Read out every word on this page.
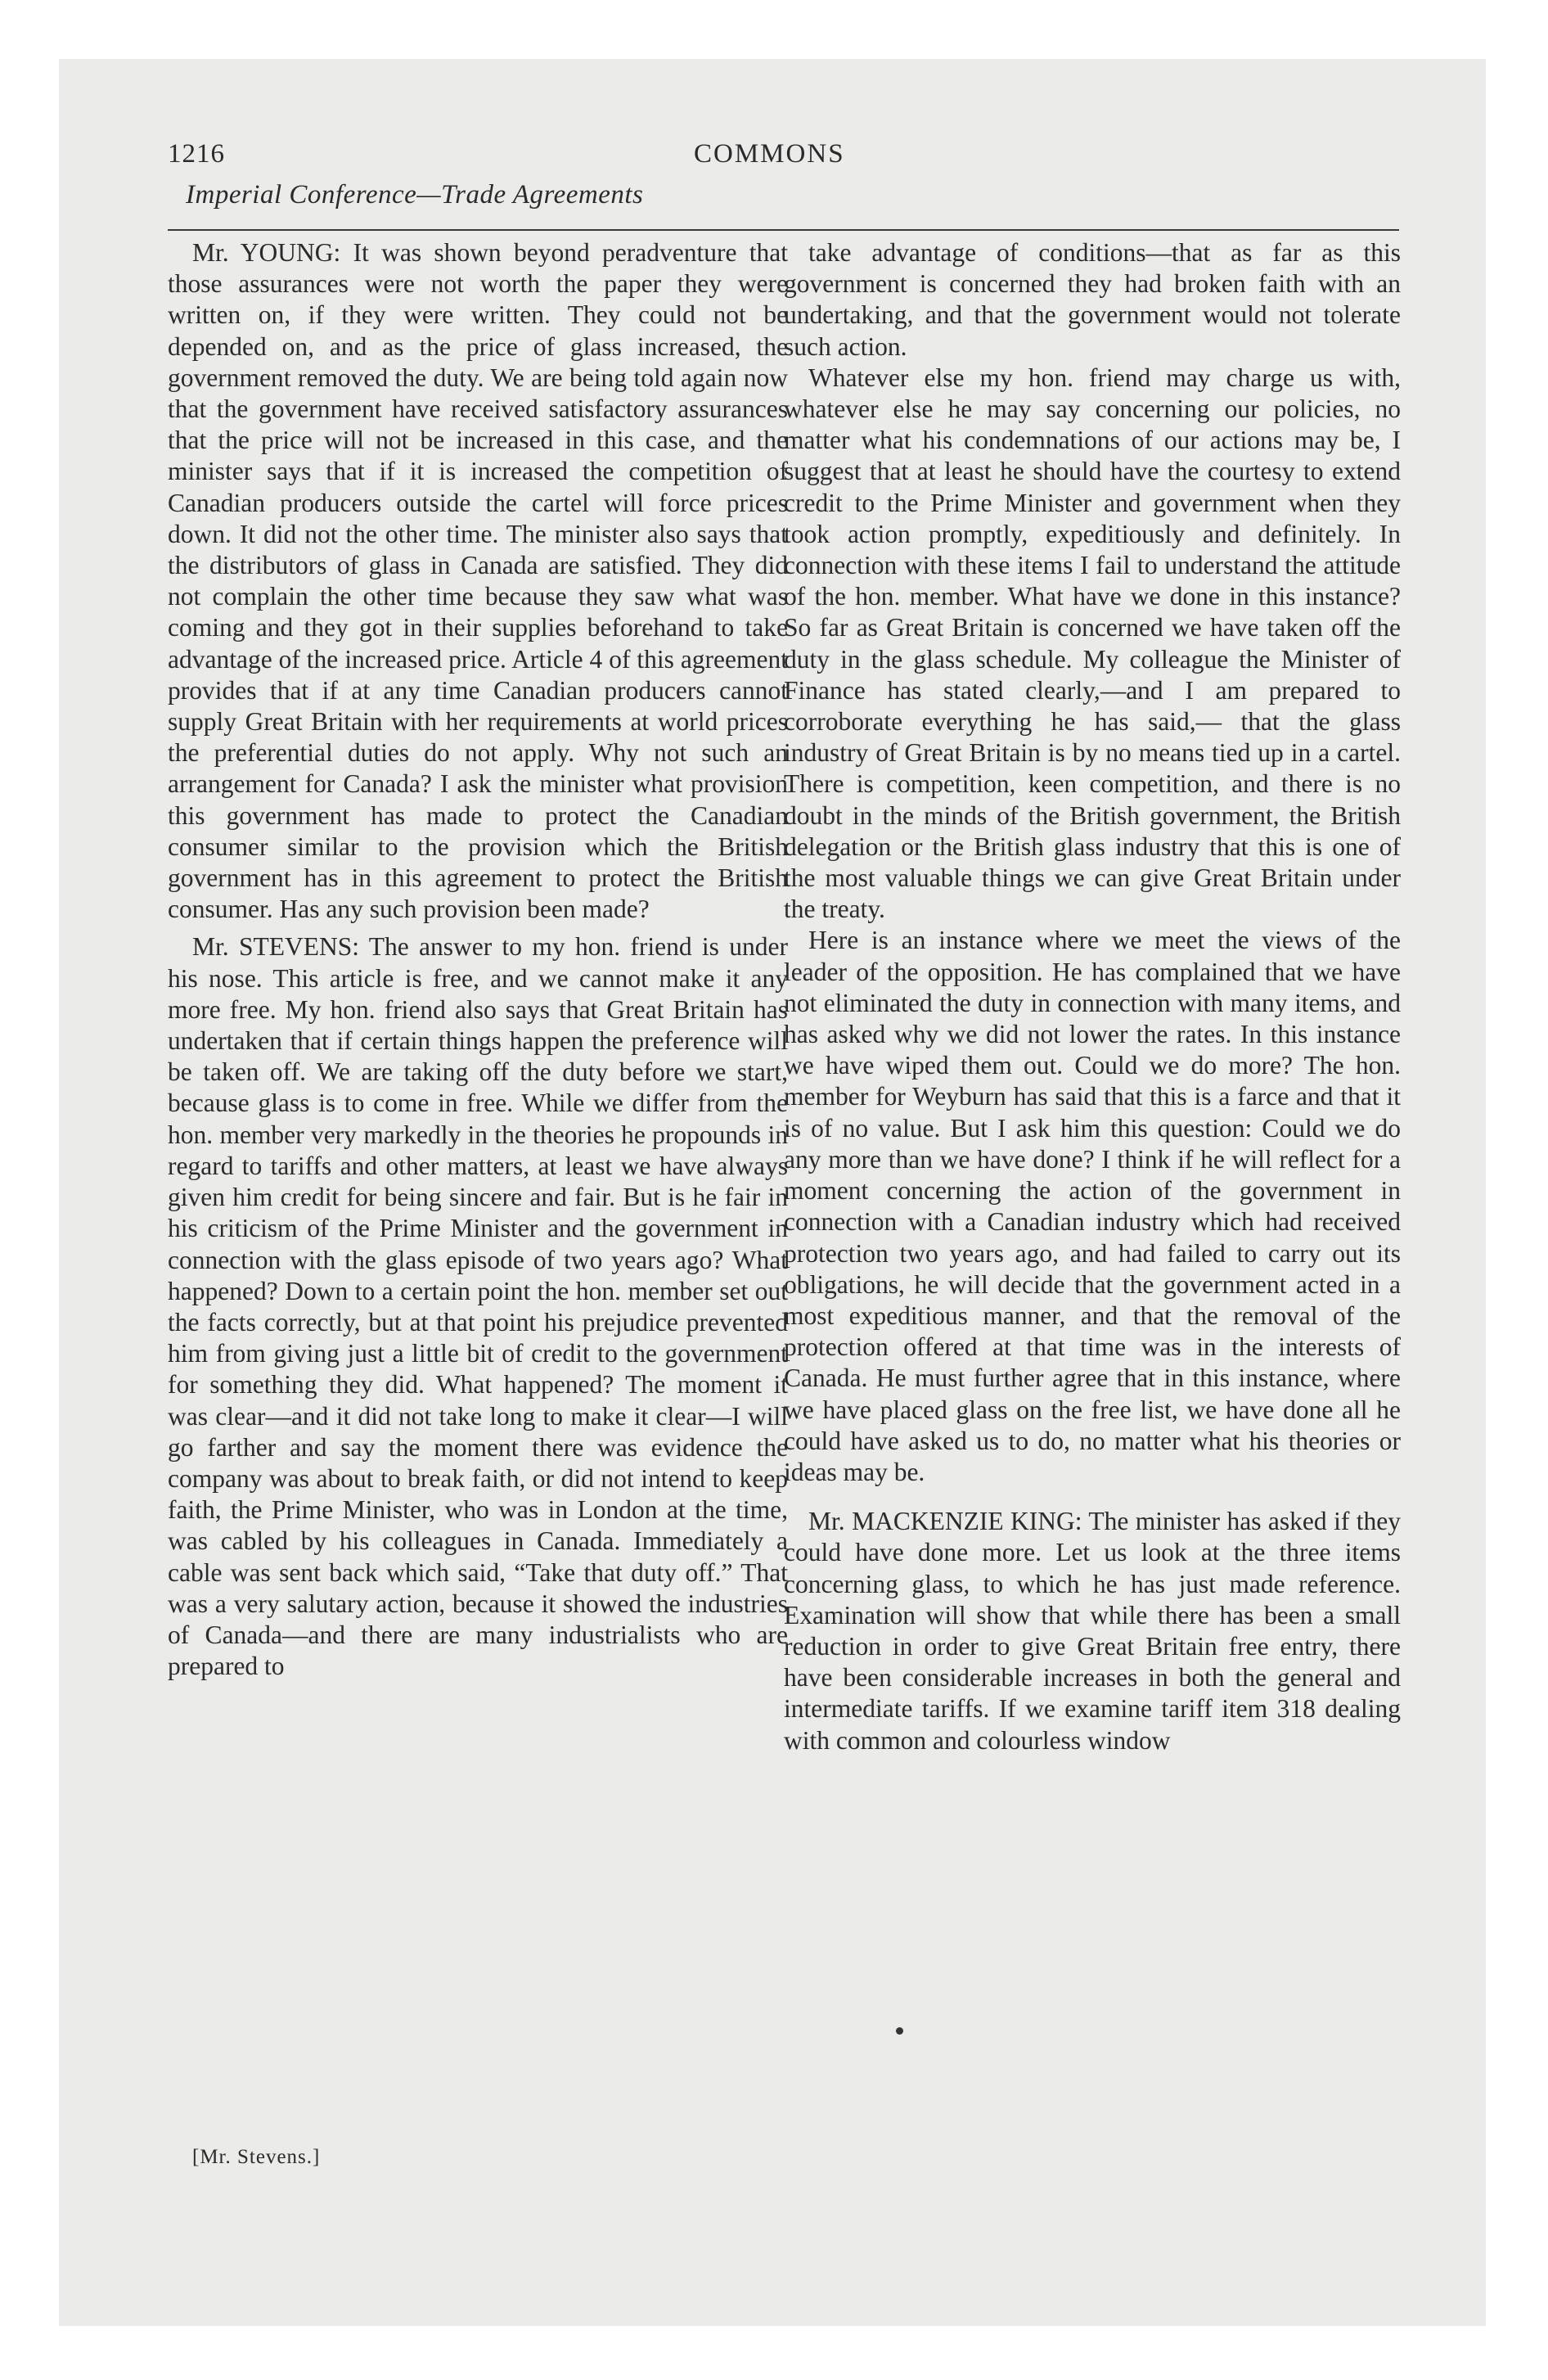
1216	COMMONS
Imperial Conference—Trade Agreements

Mr. YOUNG: It was shown beyond peradventure that those assurances were not worth the paper they were written on, if they were written. They could not be depended on, and as the price of glass increased, the government removed the duty. We are being told again now that the government have received satisfactory assurances that the price will not be increased in this case, and the minister says that if it is increased the competition of Canadian producers outside the cartel will force prices down. It did not the other time. The minister also says that the distributors of glass in Canada are satisfied. They did not complain the other time because they saw what was coming and they got in their supplies beforehand to take advantage of the increased price. Article 4 of this agreement provides that if at any time Canadian producers cannot supply Great Britain with her requirements at world prices the preferential duties do not apply. Why not such an arrangement for Canada? I ask the minister what provision this government has made to protect the Canadian consumer similar to the provision which the British government has in this agreement to protect the British consumer. Has any such provision been made?

Mr. STEVENS: The answer to my hon. friend is under his nose. This article is free, and we cannot make it any more free. My hon. friend also says that Great Britain has undertaken that if certain things happen the preference will be taken off. We are taking off the duty before we start, because glass is to come in free. While we differ from the hon. member very markedly in the theories he propounds in regard to tariffs and other matters, at least we have always given him credit for being sincere and fair. But is he fair in his criticism of the Prime Minister and the government in connection with the glass episode of two years ago? What happened? Down to a certain point the hon. member set out the facts correctly, but at that point his prejudice prevented him from giving just a little bit of credit to the government for something they did. What happened? The moment it was clear—and it did not take long to make it clear—I will go farther and say the moment there was evidence the company was about to break faith, or did not intend to keep faith, the Prime Minister, who was in London at the time, was cabled by his colleagues in Canada. Immediately a cable was sent back which said, “Take that duty off.” That was a very salutary action, because it showed the industries of Canada—and there are many industrialists who are prepared to

take advantage of conditions—that as far as this government is concerned they had broken faith with an undertaking, and that the government would not tolerate such action.

Whatever else my hon. friend may charge us with, whatever else he may say concerning our policies, no matter what his condemnations of our actions may be, I suggest that at least he should have the courtesy to extend credit to the Prime Minister and government when they took action promptly, expeditiously and definitely. In connection with these items I fail to understand the attitude of the hon. member. What have we done in this instance? So far as Great Britain is concerned we have taken off the duty in the glass schedule. My colleague the Minister of Finance has stated clearly,—and I am prepared to corroborate everything he has said,— that the glass industry of Great Britain is by no means tied up in a cartel. There is competition, keen competition, and there is no doubt in the minds of the British government, the British delegation or the British glass industry that this is one of the most valuable things we can give Great Britain under the treaty.

Here is an instance where we meet the views of the leader of the opposition. He has complained that we have not eliminated the duty in connection with many items, and has asked why we did not lower the rates. In this instance we have wiped them out. Could we do more? The hon. member for Weyburn has said that this is a farce and that it is of no value. But I ask him this question: Could we do any more than we have done? I think if he will reflect for a moment concerning the action of the government in connection with a Canadian industry which had received protection two years ago, and had failed to carry out its obligations, he will decide that the government acted in a most expeditious manner, and that the removal of the protection offered at that time was in the interests of Canada. He must further agree that in this instance, where we have placed glass on the free list, we have done all he could have asked us to do, no matter what his theories or ideas may be.

Mr. MACKENZIE KING: The minister has asked if they could have done more. Let us look at the three items concerning glass, to which he has just made reference. Examination will show that while there has been a small reduction in order to give Great Britain free entry, there have been considerable increases in both the general and intermediate tariffs. If we examine tariff item 318 dealing with common and colourless window

[Mr. Stevens.]
